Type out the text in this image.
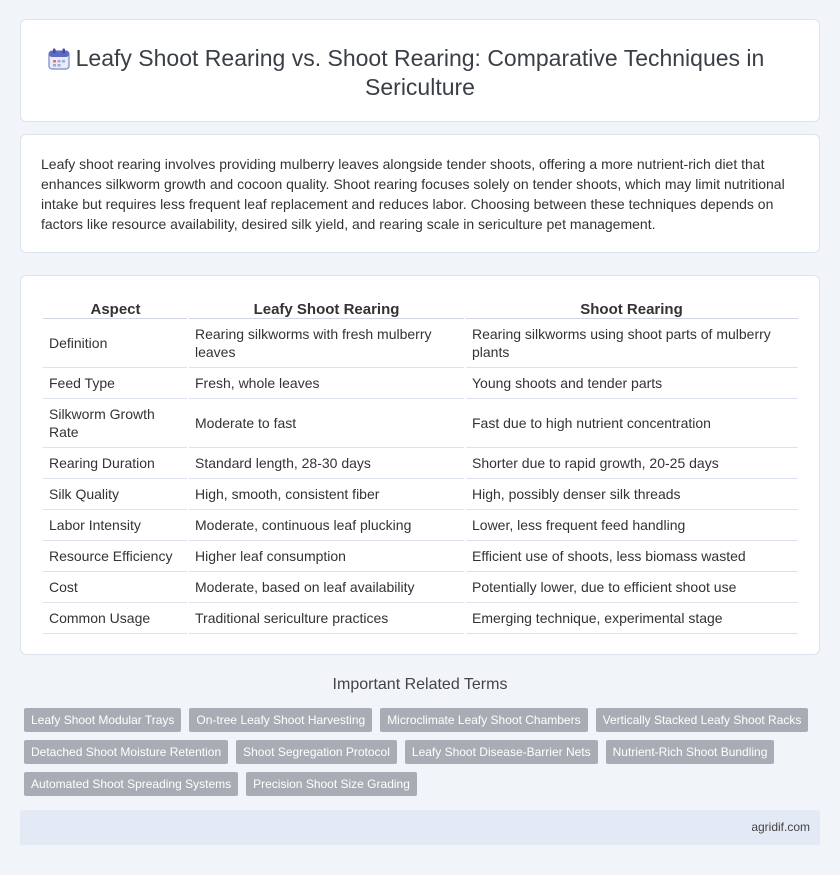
Leafy Shoot Rearing vs. Shoot Rearing: Comparative Techniques in Sericulture

Leafy shoot rearing involves providing mulberry leaves alongside tender shoots, offering a more nutrient-rich diet that enhances silkworm growth and cocoon quality. Shoot rearing focuses solely on tender shoots, which may limit nutritional intake but requires less frequent leaf replacement and reduces labor. Choosing between these techniques depends on factors like resource availability, desired silk yield, and rearing scale in sericulture pet management.

Aspect	Leafy Shoot Rearing	Shoot Rearing
Definition	Rearing silkworms with fresh mulberry leaves	Rearing silkworms using shoot parts of mulberry plants
Feed Type	Fresh, whole leaves	Young shoots and tender parts
Silkworm Growth Rate	Moderate to fast	Fast due to high nutrient concentration
Rearing Duration	Standard length, 28-30 days	Shorter due to rapid growth, 20-25 days
Silk Quality	High, smooth, consistent fiber	High, possibly denser silk threads
Labor Intensity	Moderate, continuous leaf plucking	Lower, less frequent feed handling
Resource Efficiency	Higher leaf consumption	Efficient use of shoots, less biomass wasted
Cost	Moderate, based on leaf availability	Potentially lower, due to efficient shoot use
Common Usage	Traditional sericulture practices	Emerging technique, experimental stage
Important Related Terms
Leafy Shoot Modular Trays	On-tree Leafy Shoot Harvesting	Microclimate Leafy Shoot Chambers	Vertically Stacked Leafy Shoot Racks
Detached Shoot Moisture Retention	Shoot Segregation Protocol	Leafy Shoot Disease-Barrier Nets	Nutrient-Rich Shoot Bundling
Automated Shoot Spreading Systems	Precision Shoot Size Grading
agridif.com
